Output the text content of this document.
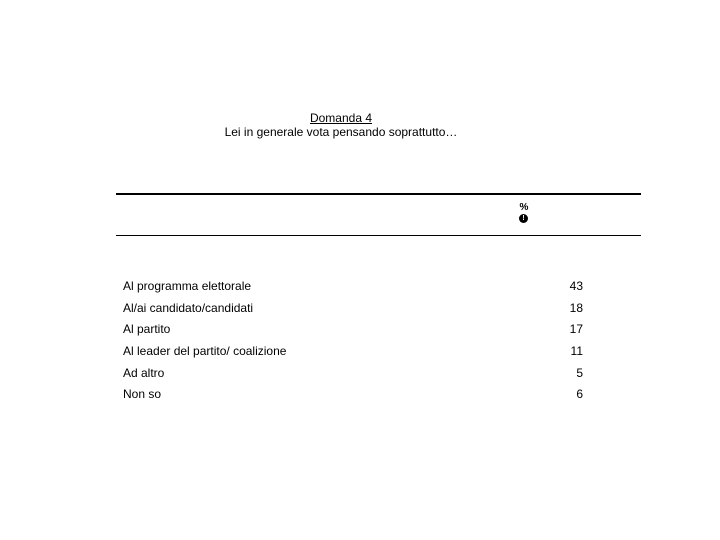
Domanda 4
Lei in generale vota pensando soprattutto…
%
!
Al programma elettorale	43
Al/ai candidato/candidati	18
Al partito	17
Al leader del partito/ coalizione	11
Ad altro	5
Non so	6
